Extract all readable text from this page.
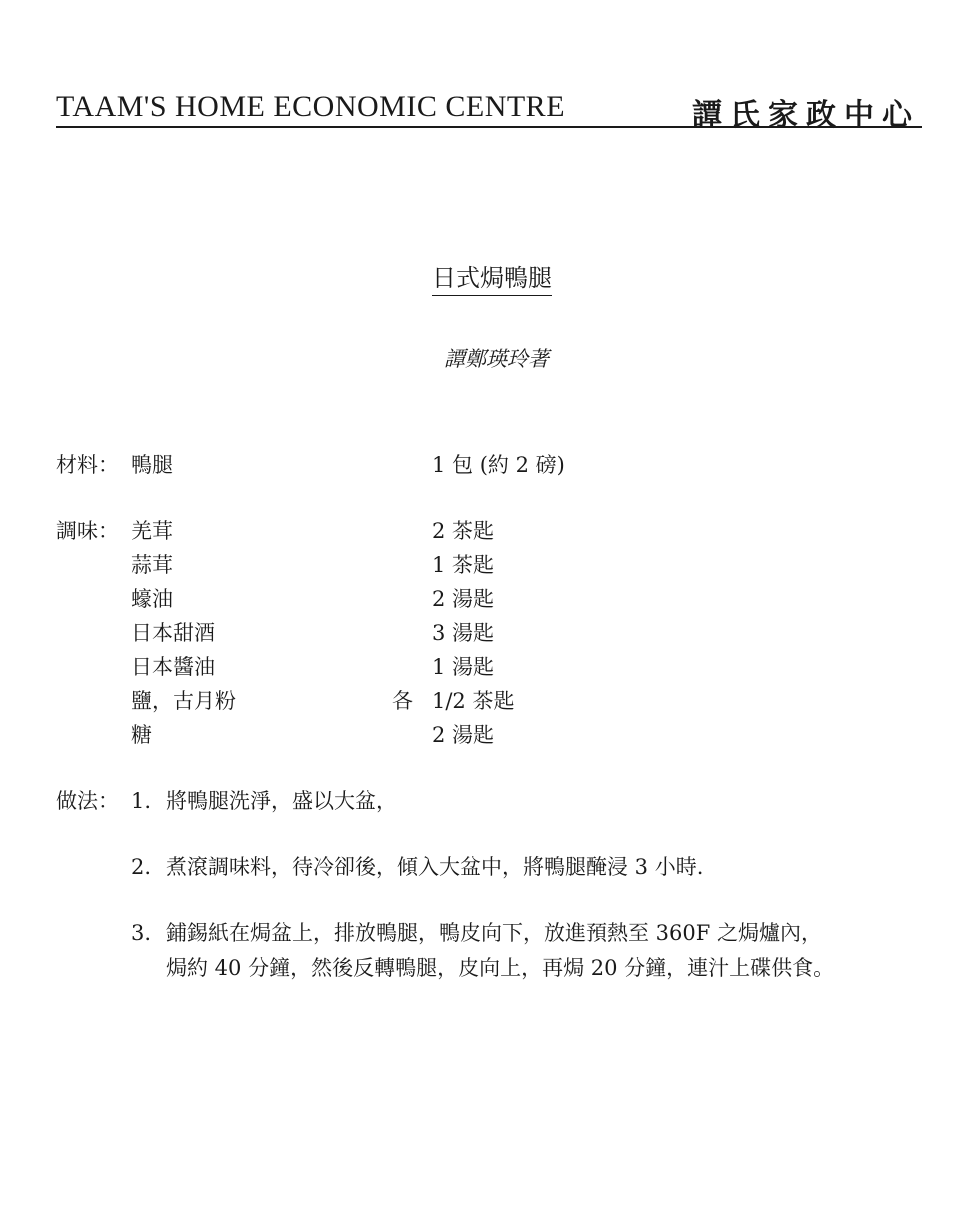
TAAM'S HOME ECONOMIC CENTRE	譚氏家政中心
日式焗鴨腿
譚鄭瑛玲著
材料： 鴨腿	1 包 (約 2 磅)
調味： 羌茸	2 茶匙
蒜茸	1 茶匙
蠔油	2 湯匙
日本甜酒	3 湯匙
日本醬油	1 湯匙
鹽，古月粉	各 1/2 茶匙
糖	2 湯匙
做法： 1. 將鴨腿洗淨，盛以大盆，
2. 煮滾調味料，待冷卻後，傾入大盆中，將鴨腿醃浸 3 小時.
3. 鋪錫紙在焗盆上，排放鴨腿，鴨皮向下，放進預熱至 360F 之焗爐內，
焗約 40 分鐘，然後反轉鴨腿，皮向上，再焗 20 分鐘，連汁上碟供食。
